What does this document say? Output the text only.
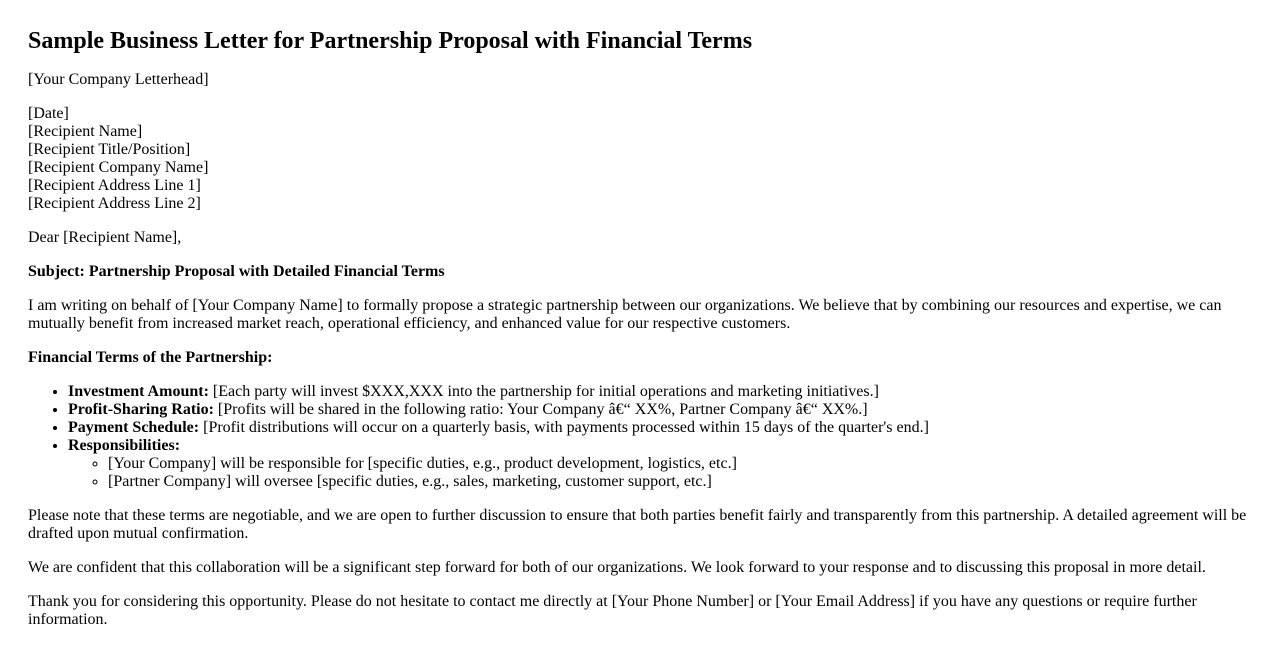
Sample Business Letter for Partnership Proposal with Financial Terms

[Your Company Letterhead]

[Date]
[Recipient Name]
[Recipient Title/Position]
[Recipient Company Name]
[Recipient Address Line 1]
[Recipient Address Line 2]

Dear [Recipient Name],

Subject: Partnership Proposal with Detailed Financial Terms

I am writing on behalf of [Your Company Name] to formally propose a strategic partnership between our organizations. We believe that by combining our resources and expertise, we can mutually benefit from increased market reach, operational efficiency, and enhanced value for our respective customers.

Financial Terms of the Partnership:

• Investment Amount: [Each party will invest $XXX,XXX into the partnership for initial operations and marketing initiatives.]
• Profit-Sharing Ratio: [Profits will be shared in the following ratio: Your Company â€“ XX%, Partner Company â€“ XX%.]
• Payment Schedule: [Profit distributions will occur on a quarterly basis, with payments processed within 15 days of the quarter's end.]
• Responsibilities:
◦ [Your Company] will be responsible for [specific duties, e.g., product development, logistics, etc.]
◦ [Partner Company] will oversee [specific duties, e.g., sales, marketing, customer support, etc.]

Please note that these terms are negotiable, and we are open to further discussion to ensure that both parties benefit fairly and transparently from this partnership. A detailed agreement will be drafted upon mutual confirmation.

We are confident that this collaboration will be a significant step forward for both of our organizations. We look forward to your response and to discussing this proposal in more detail.

Thank you for considering this opportunity. Please do not hesitate to contact me directly at [Your Phone Number] or [Your Email Address] if you have any questions or require further information.
